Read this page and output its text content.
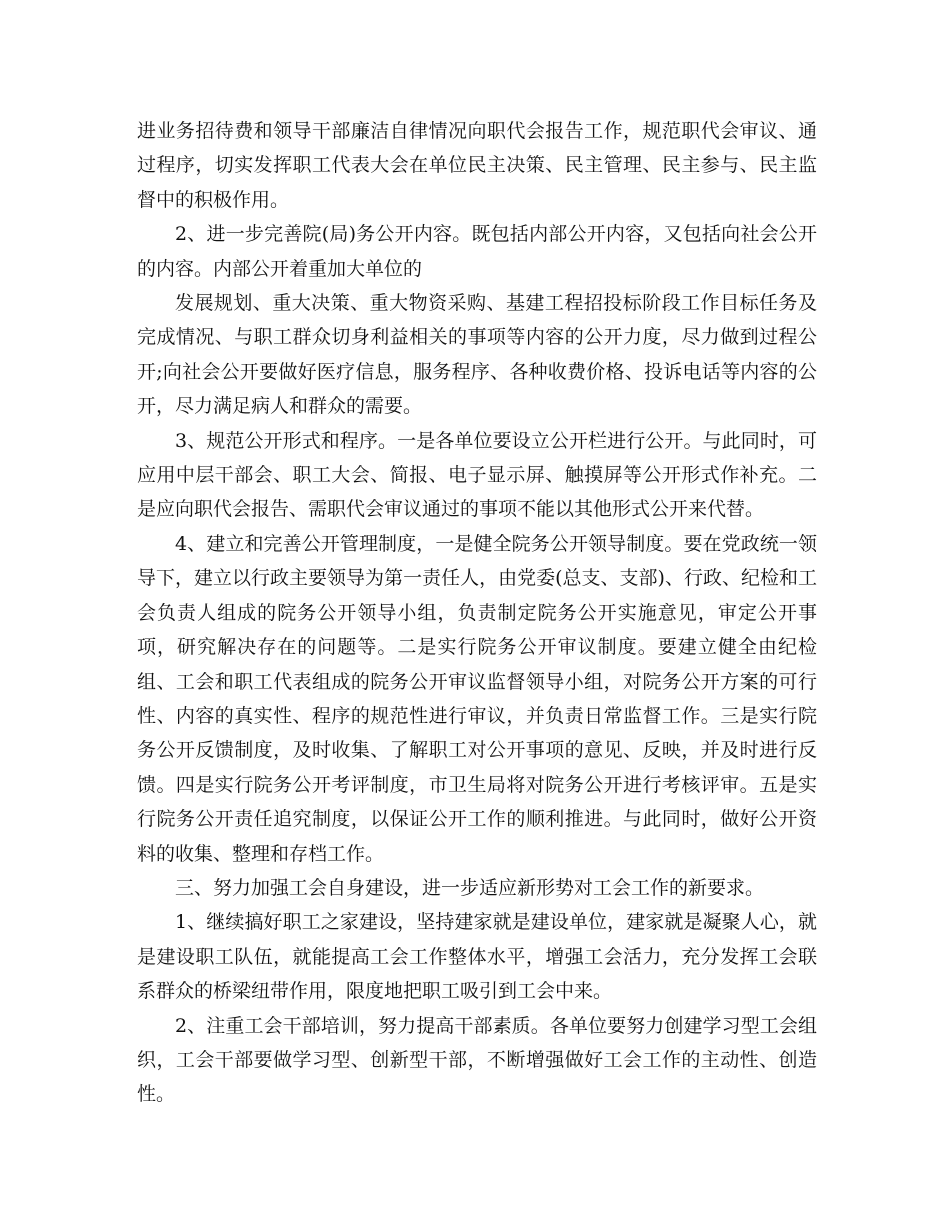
进业务招待费和领导干部廉洁自律情况向职代会报告工作，规范职代会审议、通过程序，切实发挥职工代表大会在单位民主决策、民主管理、民主参与、民主监督中的积极作用。

2、进一步完善院(局)务公开内容。既包括内部公开内容，又包括向社会公开的内容。内部公开着重加大单位的

发展规划、重大决策、重大物资采购、基建工程招投标阶段工作目标任务及完成情况、与职工群众切身利益相关的事项等内容的公开力度，尽力做到过程公开;向社会公开要做好医疗信息，服务程序、各种收费价格、投诉电话等内容的公开，尽力满足病人和群众的需要。

3、规范公开形式和程序。一是各单位要设立公开栏进行公开。与此同时，可应用中层干部会、职工大会、简报、电子显示屏、触摸屏等公开形式作补充。二是应向职代会报告、需职代会审议通过的事项不能以其他形式公开来代替。

4、建立和完善公开管理制度，一是健全院务公开领导制度。要在党政统一领导下，建立以行政主要领导为第一责任人，由党委(总支、支部)、行政、纪检和工会负责人组成的院务公开领导小组，负责制定院务公开实施意见，审定公开事项，研究解决存在的问题等。二是实行院务公开审议制度。要建立健全由纪检组、工会和职工代表组成的院务公开审议监督领导小组，对院务公开方案的可行性、内容的真实性、程序的规范性进行审议，并负责日常监督工作。三是实行院务公开反馈制度，及时收集、了解职工对公开事项的意见、反映，并及时进行反馈。四是实行院务公开考评制度，市卫生局将对院务公开进行考核评审。五是实行院务公开责任追究制度，以保证公开工作的顺利推进。与此同时，做好公开资料的收集、整理和存档工作。

三、努力加强工会自身建设，进一步适应新形势对工会工作的新要求。

1、继续搞好职工之家建设，坚持建家就是建设单位，建家就是凝聚人心，就是建设职工队伍，就能提高工会工作整体水平，增强工会活力，充分发挥工会联系群众的桥梁纽带作用，限度地把职工吸引到工会中来。

2、注重工会干部培训，努力提高干部素质。各单位要努力创建学习型工会组织，工会干部要做学习型、创新型干部，不断增强做好工会工作的主动性、创造性。
